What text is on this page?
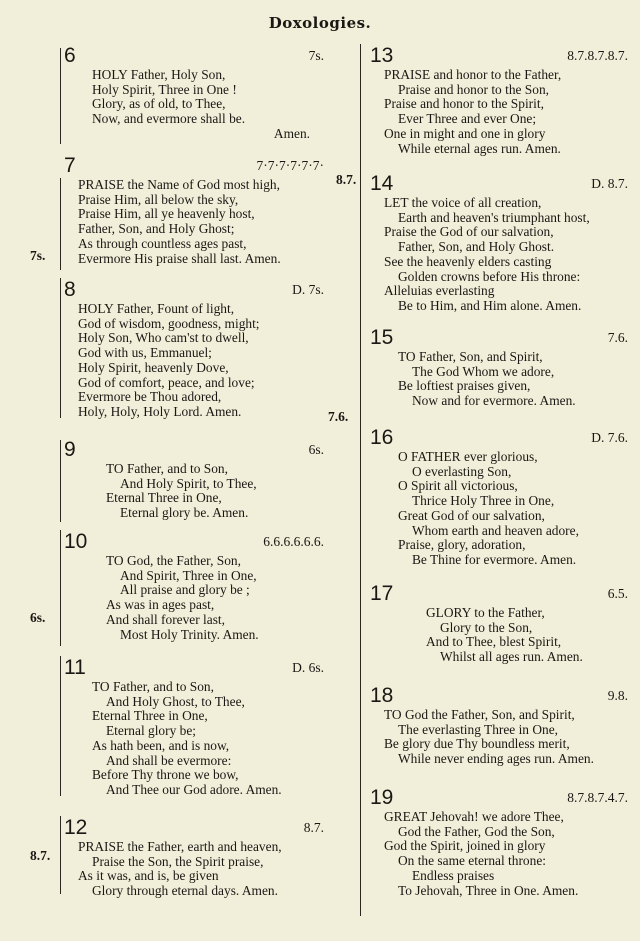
Doxologies.
8.7.
7s.
7.6.
6s.
8.7.
6	7s.
HOLY Father, Holy Son,
Holy Spirit, Three in One !
Glory, as of old, to Thee,
Now, and evermore shall be.
Amen.
7	7·7·7·7·7·7·
PRAISE the Name of God most high,
Praise Him, all below the sky,
Praise Him, all ye heavenly host,
Father, Son, and Holy Ghost;
As through countless ages past,
Evermore His praise shall last. Amen.
8	D. 7s.
HOLY Father, Fount of light,
God of wisdom, goodness, might;
Holy Son, Who cam'st to dwell,
God with us, Emmanuel;
Holy Spirit, heavenly Dove,
God of comfort, peace, and love;
Evermore be Thou adored,
Holy, Holy, Holy Lord. Amen.
9	6s.
TO Father, and to Son,
And Holy Spirit, to Thee,
Eternal Three in One,
Eternal glory be. Amen.
10	6.6.6.6.6.6.
TO God, the Father, Son,
And Spirit, Three in One,
All praise and glory be ;
As was in ages past,
And shall forever last,
Most Holy Trinity. Amen.
11	D. 6s.
TO Father, and to Son,
And Holy Ghost, to Thee,
Eternal Three in One,
Eternal glory be;
As hath been, and is now,
And shall be evermore:
Before Thy throne we bow,
And Thee our God adore. Amen.
12	8.7.
PRAISE the Father, earth and heaven,
Praise the Son, the Spirit praise,
As it was, and is, be given
Glory through eternal days. Amen.
13	8.7.8.7.8.7.
PRAISE and honor to the Father,
Praise and honor to the Son,
Praise and honor to the Spirit,
Ever Three and ever One;
One in might and one in glory
While eternal ages run. Amen.
14	D. 8.7.
LET the voice of all creation,
Earth and heaven's triumphant host,
Praise the God of our salvation,
Father, Son, and Holy Ghost.
See the heavenly elders casting
Golden crowns before His throne:
Alleluias everlasting
Be to Him, and Him alone. Amen.
15	7.6.
TO Father, Son, and Spirit,
The God Whom we adore,
Be loftiest praises given,
Now and for evermore. Amen.
16	D. 7.6.
O FATHER ever glorious,
O everlasting Son,
O Spirit all victorious,
Thrice Holy Three in One,
Great God of our salvation,
Whom earth and heaven adore,
Praise, glory, adoration,
Be Thine for evermore. Amen.
17	6.5.
GLORY to the Father,
Glory to the Son,
And to Thee, blest Spirit,
Whilst all ages run. Amen.
18	9.8.
TO God the Father, Son, and Spirit,
The everlasting Three in One,
Be glory due Thy boundless merit,
While never ending ages run. Amen.
19	8.7.8.7.4.7.
GREAT Jehovah! we adore Thee,
God the Father, God the Son,
God the Spirit, joined in glory
On the same eternal throne:
Endless praises
To Jehovah, Three in One. Amen.
